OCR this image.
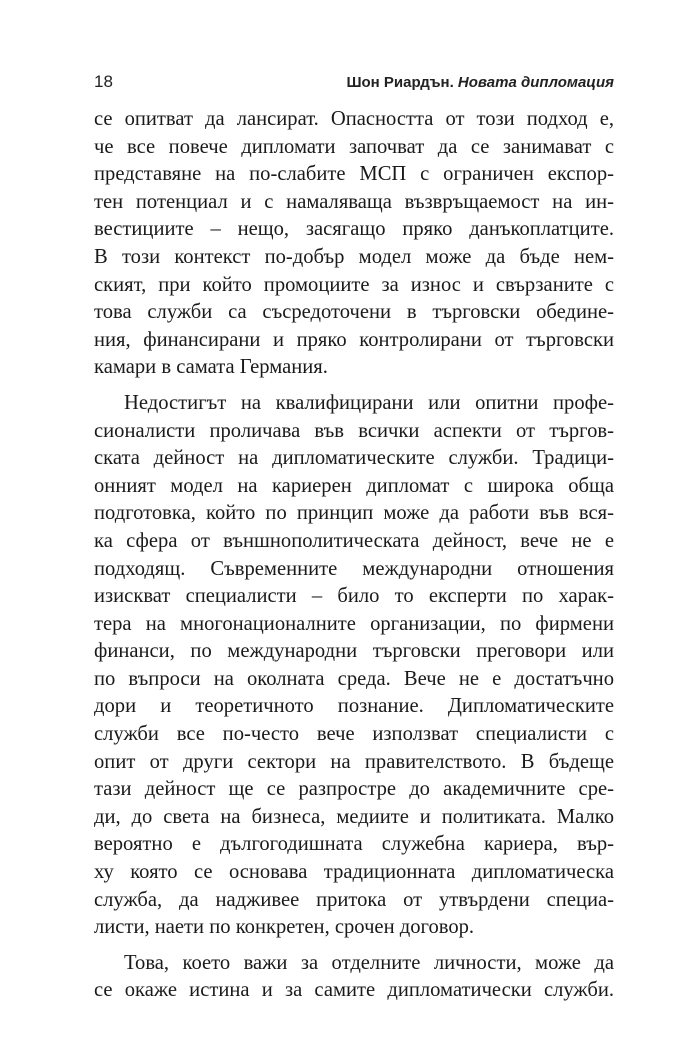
18	Шон Риардън. Новата дипломация
се опитват да лансират. Опасността от този подход е,
че все повече дипломати започват да се занимават с
представяне на по-слабите МСП с ограничен експор-
тен потенциал и с намаляваща възвръщаемост на ин-
вестициите – нещо, засягащо пряко данъкоплатците.
В този контекст по-добър модел може да бъде нем-
ският, при който промоциите за износ и свързаните с
това служби са съсредоточени в търговски обедине-
ния, финансирани и пряко контролирани от търговски
камари в самата Германия.
Недостигът на квалифицирани или опитни профе-
сионалисти проличава във всички аспекти от търгов-
ската дейност на дипломатическите служби. Традици-
онният модел на кариерен дипломат с широка обща
подготовка, който по принцип може да работи във вся-
ка сфера от външнополитическата дейност, вече не е
подходящ. Съвременните международни отношения
изискват специалисти – било то експерти по харак-
тера на многонационалните организации, по фирмени
финанси, по международни търговски преговори или
по въпроси на околната среда. Вече не е достатъчно
дори и теоретичното познание. Дипломатическите
служби все по-често вече използват специалисти с
опит от други сектори на правителството. В бъдеще
тази дейност ще се разпростре до академичните сре-
ди, до света на бизнеса, медиите и политиката. Малко
вероятно е дългогодишната служебна кариера, вър-
ху която се основава традиционната дипломатическа
служба, да надживее притока от утвърдени специа-
листи, наети по конкретен, срочен договор.
Това, което важи за отделните личности, може да
се окаже истина и за самите дипломатически служби.
